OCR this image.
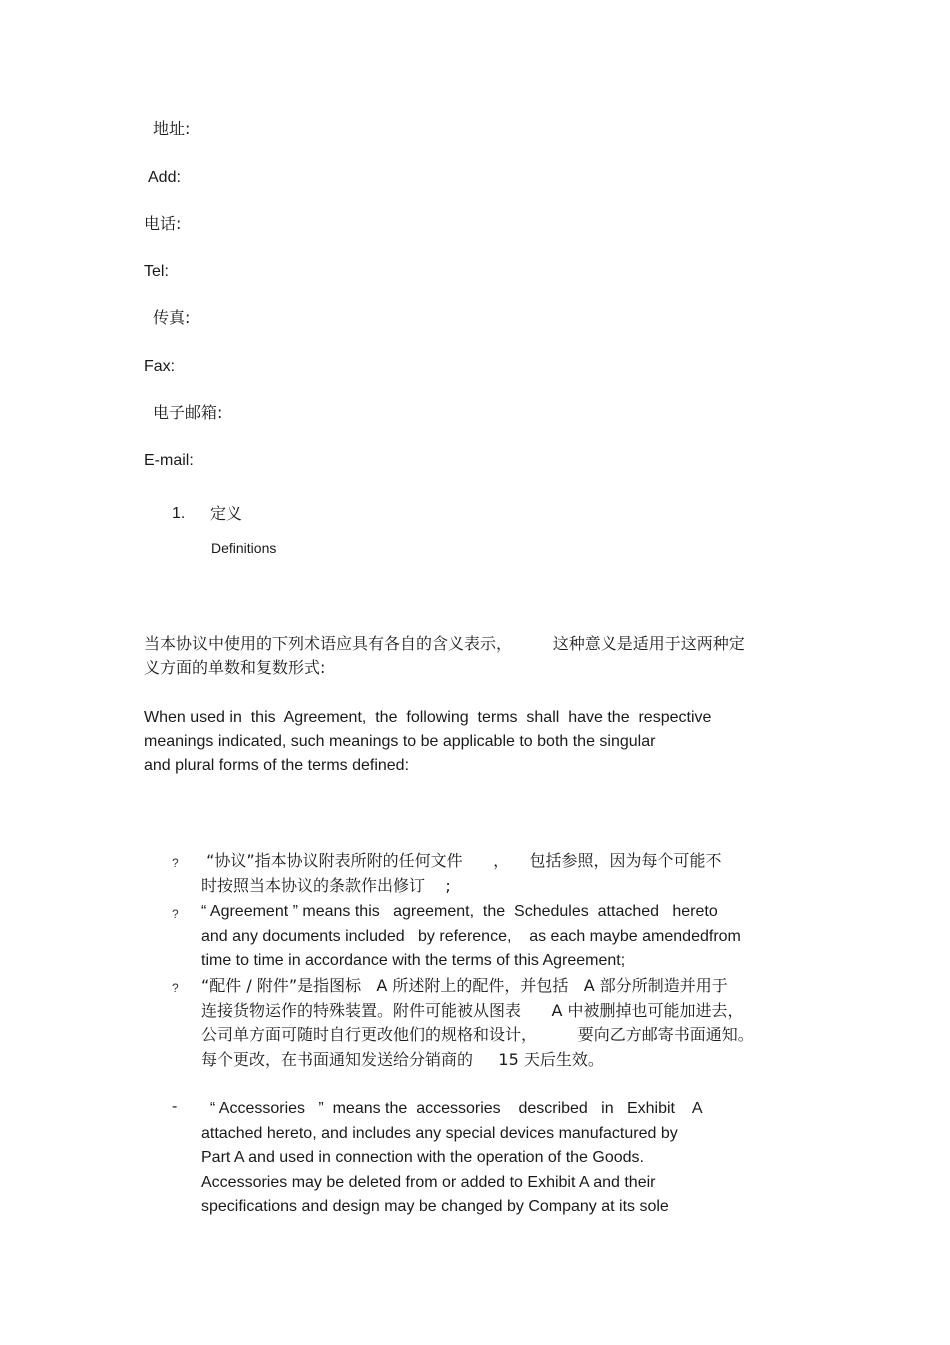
地址:
Add:
电话:
Tel:
传真:
Fax:
电子邮箱:
E-mail:
1. 定义
Definitions
当本协议中使用的下列术语应具有各自的含义表示，        这种意义是适用于这两种定
义方面的单数和复数形式:
When used in  this  Agreement,  the  following  terms  shall  have the  respective
meanings indicated, such meanings to be applicable to both the singular
and plural forms of the terms defined:
? “协议”指本协议附表所附的任何文件      ，    包括参照，因为每个可能不
时按照当本协议的条款作出修订    ;
? “ Agreement ” means this   agreement,  the  Schedules  attached   hereto
and any documents included   by reference,    as each maybe amendedfrom
time to time in accordance with the terms of this Agreement;
? “配件 / 附件”是指图标   A 所述附上的配件，并包括   A 部分所制造并用于
连接货物运作的特殊装置。附件可能被从图表      A 中被删掉也可能加进去，
公司单方面可随时自行更改他们的规格和设计，        要向乙方邮寄书面通知。
每个更改，在书面通知发送给分销商的     15 天后生效。
- “ Accessories   ”  means the  accessories    described   in   Exhibit    A
attached hereto, and includes any special devices manufactured by
Part A and used in connection with the operation of the Goods.
Accessories may be deleted from or added to Exhibit A and their
specifications and design may be changed by Company at its sole
